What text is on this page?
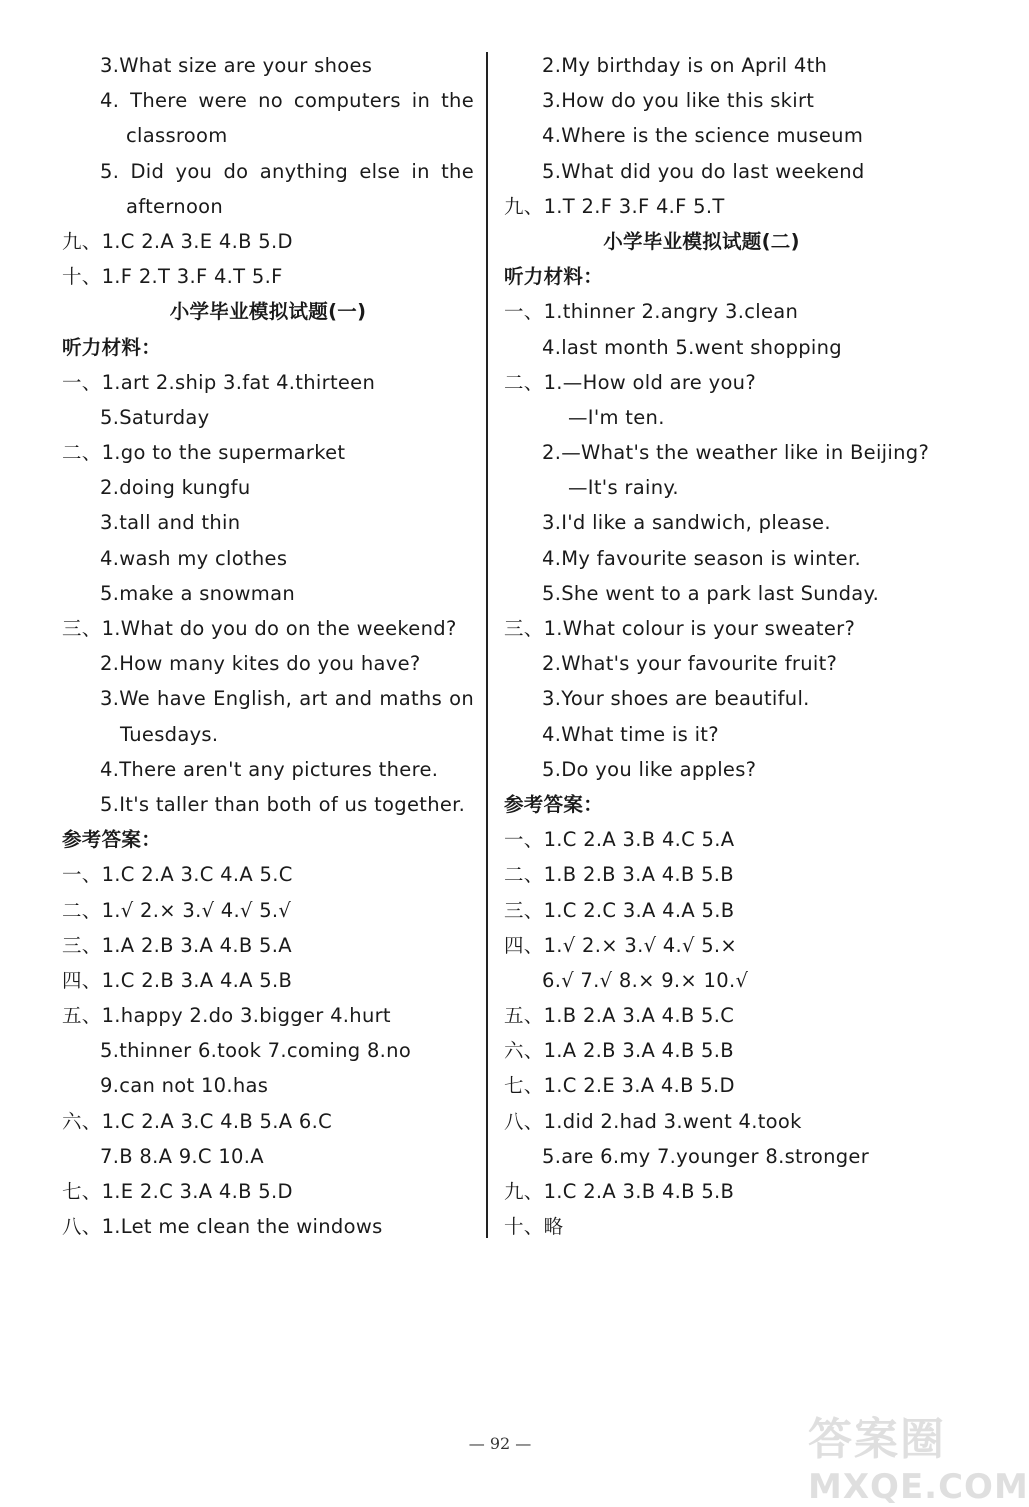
3.What size are your shoes
4. There were no computers in the
classroom
5. Did you do anything else in the
afternoon
九、1.C 2.A 3.E 4.B 5.D
十、1.F 2.T 3.F 4.T 5.F
小学毕业模拟试题(一)
听力材料：
一、1.art 2.ship 3.fat 4.thirteen
5.Saturday
二、1.go to the supermarket
2.doing kungfu
3.tall and thin
4.wash my clothes
5.make a snowman
三、1.What do you do on the weekend?
2.How many kites do you have?
3.We have English, art and maths on
Tuesdays.
4.There aren't any pictures there.
5.It's taller than both of us together.
参考答案：
一、1.C 2.A 3.C 4.A 5.C
二、1.√ 2.× 3.√ 4.√ 5.√
三、1.A 2.B 3.A 4.B 5.A
四、1.C 2.B 3.A 4.A 5.B
五、1.happy 2.do 3.bigger 4.hurt
5.thinner 6.took 7.coming 8.no
9.can not 10.has
六、1.C 2.A 3.C 4.B 5.A 6.C
7.B 8.A 9.C 10.A
七、1.E 2.C 3.A 4.B 5.D
八、1.Let me clean the windows
2.My birthday is on April 4th
3.How do you like this skirt
4.Where is the science museum
5.What did you do last weekend
九、1.T 2.F 3.F 4.F 5.T
小学毕业模拟试题(二)
听力材料：
一、1.thinner 2.angry 3.clean
4.last month 5.went shopping
二、1.—How old are you?
—I'm ten.
2.—What's the weather like in Beijing?
—It's rainy.
3.I'd like a sandwich, please.
4.My favourite season is winter.
5.She went to a park last Sunday.
三、1.What colour is your sweater?
2.What's your favourite fruit?
3.Your shoes are beautiful.
4.What time is it?
5.Do you like apples?
参考答案：
一、1.C 2.A 3.B 4.C 5.A
二、1.B 2.B 3.A 4.B 5.B
三、1.C 2.C 3.A 4.A 5.B
四、1.√ 2.× 3.√ 4.√ 5.×
6.√ 7.√ 8.× 9.× 10.√
五、1.B 2.A 3.A 4.B 5.C
六、1.A 2.B 3.A 4.B 5.B
七、1.C 2.E 3.A 4.B 5.D
八、1.did 2.had 3.went 4.took
5.are 6.my 7.younger 8.stronger
九、1.C 2.A 3.B 4.B 5.B
十、略
— 92 —	答案圈
MXQE.COM
